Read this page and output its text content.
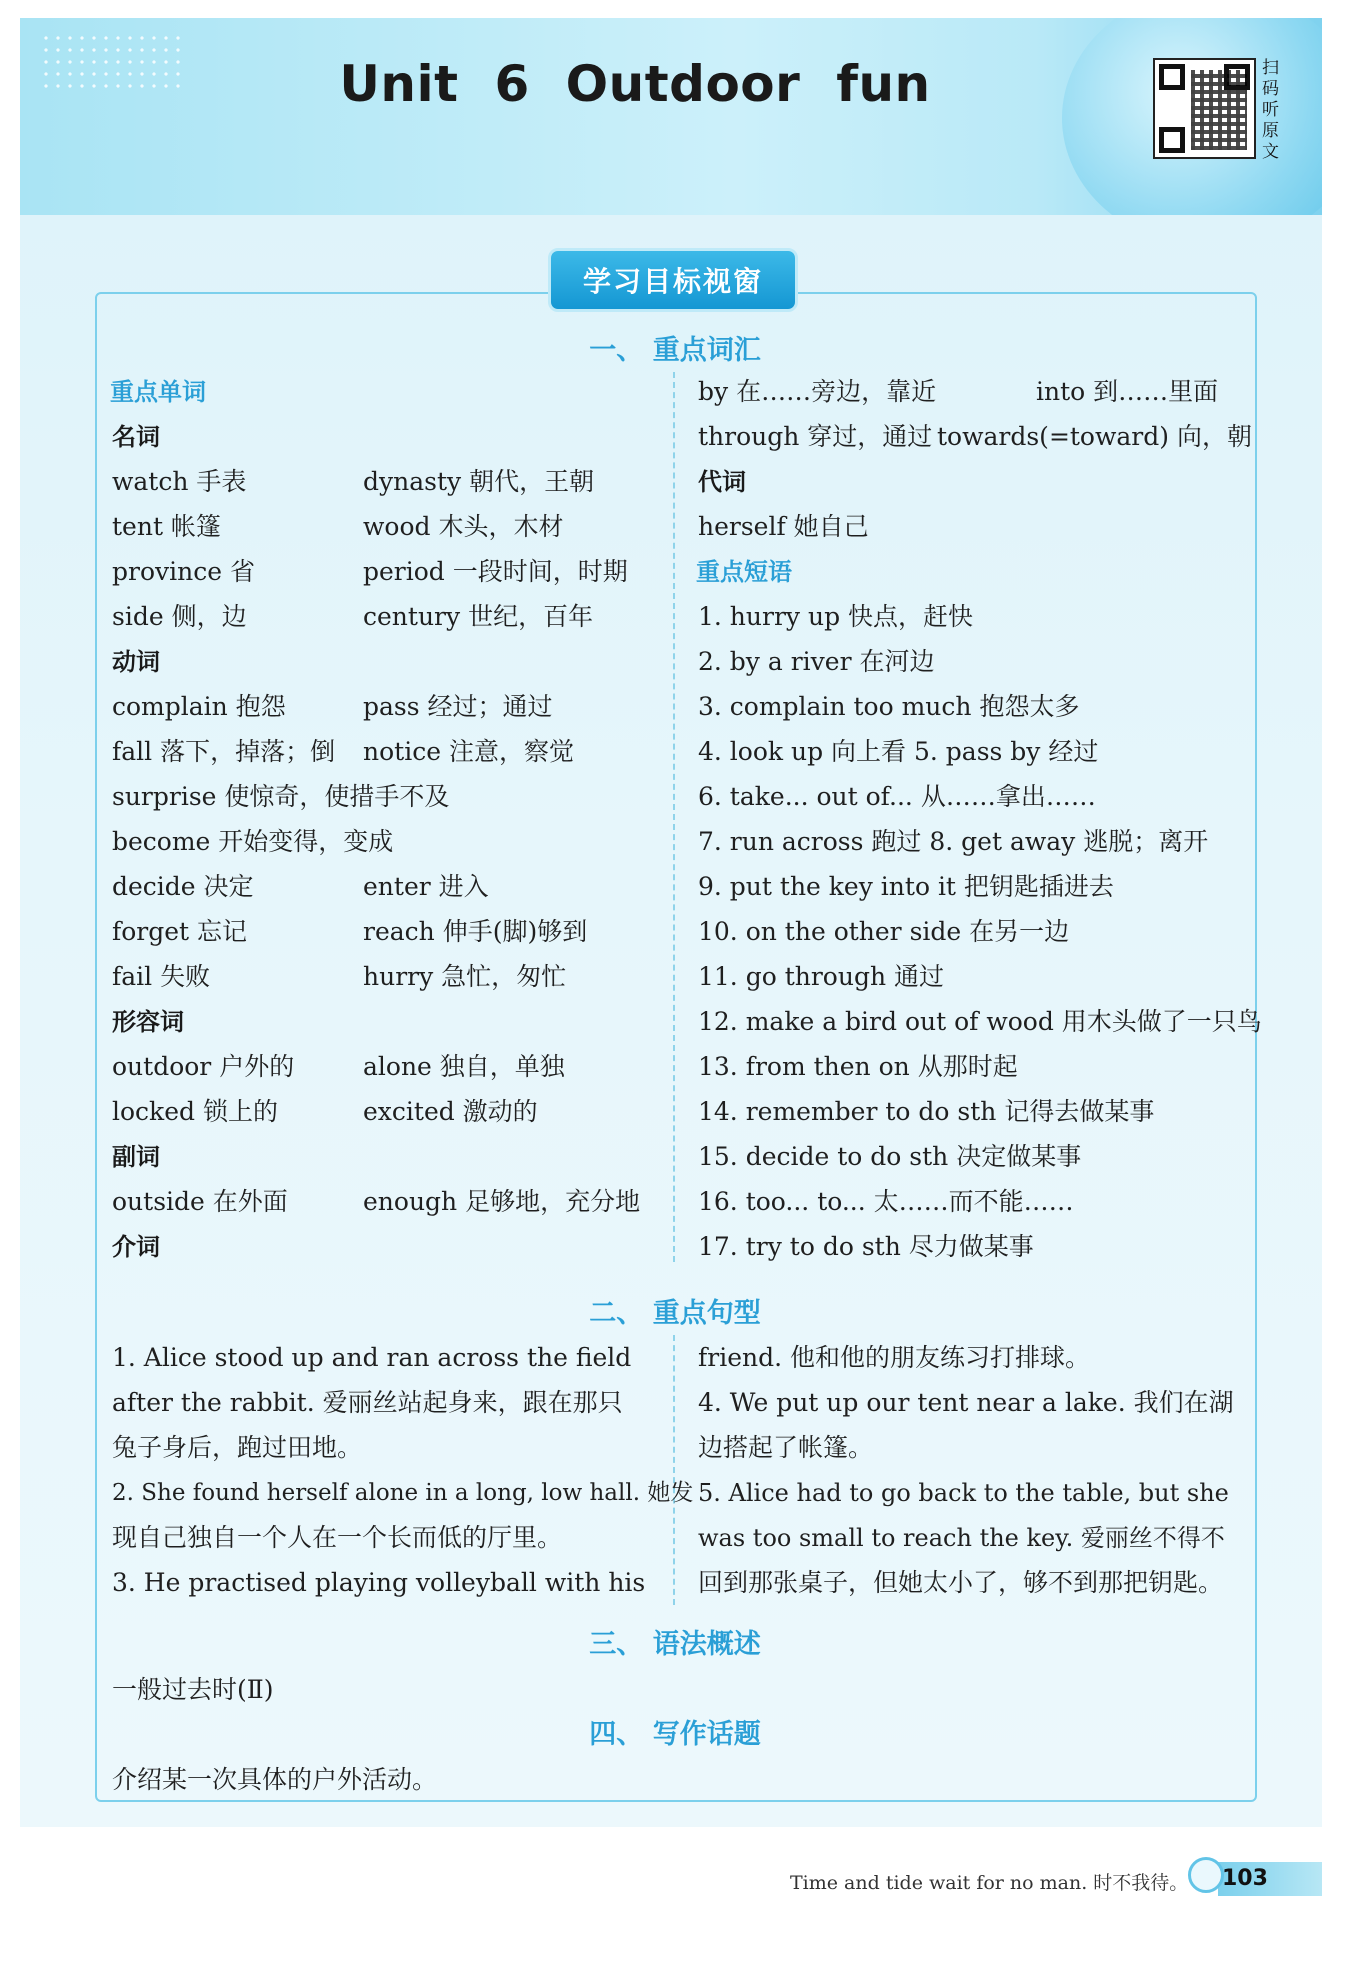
Unit 6 Outdoor fun	扫码听原文
学习目标视窗
一、 重点词汇
重点单词
名词
watch 手表	dynasty 朝代，王朝
tent 帐篷	wood 木头，木材
province 省	period 一段时间，时期
side 侧，边	century 世纪，百年
动词
complain 抱怨	pass 经过；通过
fall 落下，掉落；倒 notice 注意，察觉
surprise 使惊奇，使措手不及
become 开始变得，变成
decide 决定	enter 进入
forget 忘记	reach 伸手(脚)够到
fail 失败	hurry 急忙，匆忙
形容词
outdoor 户外的	alone 独自，单独
locked 锁上的	excited 激动的
副词
outside 在外面	enough 足够地，充分地
介词
by 在……旁边，靠近	into 到……里面
through 穿过，通过 towards(=toward) 向，朝
代词
herself 她自己
重点短语
1. hurry up 快点，赶快
2. by a river 在河边
3. complain too much 抱怨太多
4. look up 向上看 5. pass by 经过
6. take... out of... 从……拿出……
7. run across 跑过 8. get away 逃脱；离开
9. put the key into it 把钥匙插进去
10. on the other side 在另一边
11. go through 通过
12. make a bird out of wood 用木头做了一只鸟
13. from then on 从那时起
14. remember to do sth 记得去做某事
15. decide to do sth 决定做某事
16. too... to... 太……而不能……
17. try to do sth 尽力做某事
二、 重点句型
1. Alice stood up and ran across the field
after the rabbit. 爱丽丝站起身来，跟在那只
兔子身后，跑过田地。
2. She found herself alone in a long, low hall. 她发
现自己独自一个人在一个长而低的厅里。
3. He practised playing volleyball with his
friend. 他和他的朋友练习打排球。
4. We put up our tent near a lake. 我们在湖
边搭起了帐篷。
5. Alice had to go back to the table, but she
was too small to reach the key. 爱丽丝不得不
回到那张桌子，但她太小了，够不到那把钥匙。
三、 语法概述
一般过去时(Ⅱ)
四、 写作话题
介绍某一次具体的户外活动。
Time and tide wait for no man. 时不我待。 103
